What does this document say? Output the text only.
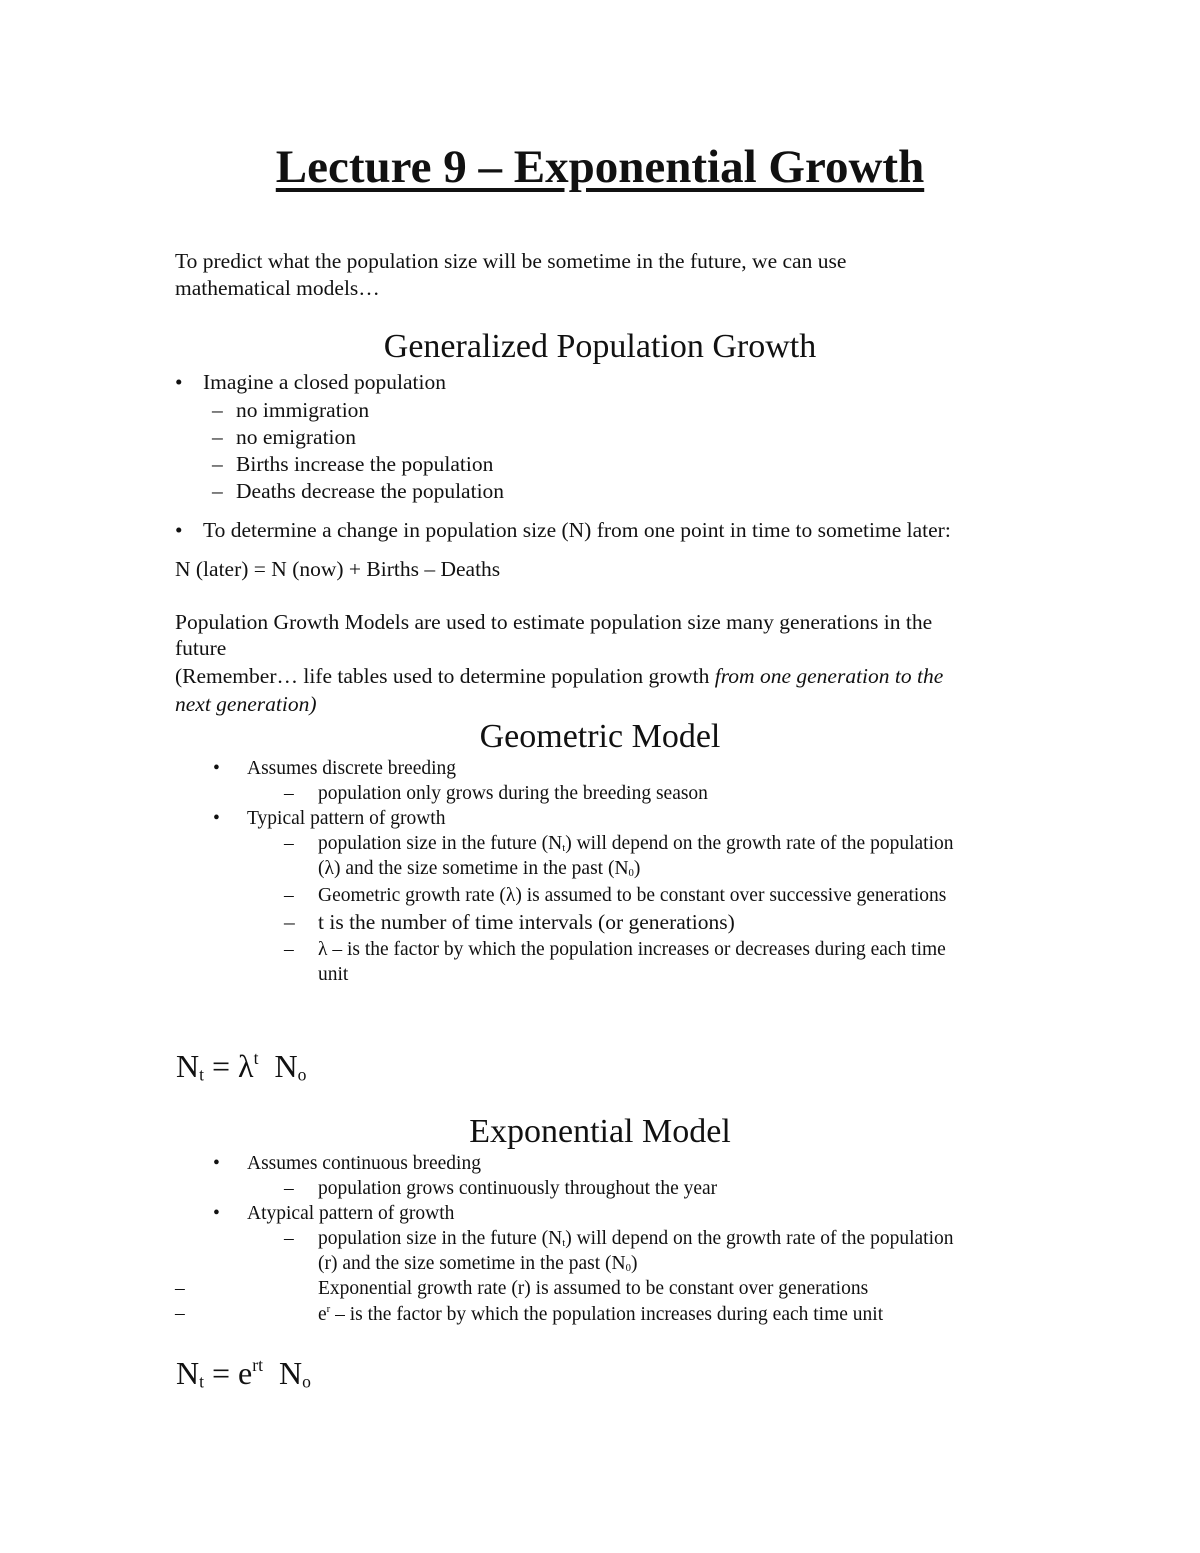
Lecture 9 – Exponential Growth
To predict what the population size will be sometime in the future, we can use
mathematical models…
Generalized Population Growth
• Imagine a closed population
– no immigration
– no emigration
– Births increase the population
– Deaths decrease the population
• To determine a change in population size (N) from one point in time to sometime later:
N (later) = N (now) + Births – Deaths
Population Growth Models are used to estimate population size many generations in the
future
(Remember… life tables used to determine population growth from one generation to the
next generation)
Geometric Model
• Assumes discrete breeding
– population only grows during the breeding season
• Typical pattern of growth
– population size in the future $(N_t)$ will depend on the growth rate of the population
(λ) and the size sometime in the past $(N_0)$
– Geometric growth rate (λ) is assumed to be constant over successive generations
– t is the number of time intervals (or generations)
– λ – is the factor by which the population increases or decreases during each time
unit
$N_t = \lambda^t$ $N_o$
Exponential Model
• Assumes continuous breeding
– population grows continuously throughout the year
• Atypical pattern of growth
– population size in the future $(N_t)$ will depend on the growth rate of the population
(r) and the size sometime in the past $(N_0)$
–	Exponential growth rate (r) is assumed to be constant over generations
–	$e^r$ – is the factor by which the population increases during each time unit
$N_t = e^{rt}$ $N_o$
